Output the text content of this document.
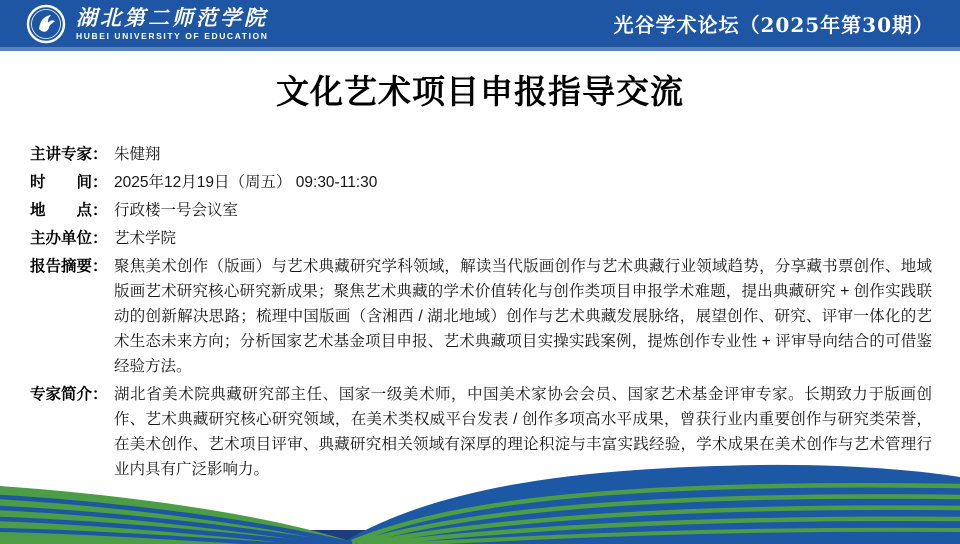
湖北第二师范学院
HUBEI UNIVERSITY OF EDUCATION	光谷学术论坛（2025年第30期）
文化艺术项目申报指导交流
主讲专家： 朱健翔
时　　间： 2025年12月19日（周五） 09:30-11:30
地　　点： 行政楼一号会议室
主办单位： 艺术学院
报告摘要： 聚焦美术创作（版画）与艺术典藏研究学科领域，解读当代版画创作与艺术典藏行业领域趋势，分享藏书票创作、地域版画艺术研究核心研究新成果；聚焦艺术典藏的学术价值转化与创作类项目申报学术难题，提出典藏研究 + 创作实践联动的创新解决思路；梳理中国版画（含湘西 / 湖北地域）创作与艺术典藏发展脉络，展望创作、研究、评审一体化的艺术生态未来方向；分析国家艺术基金项目申报、艺术典藏项目实操实践案例，提炼创作专业性 + 评审导向结合的可借鉴经验方法。
专家简介： 湖北省美术院典藏研究部主任、国家一级美术师，中国美术家协会会员、国家艺术基金评审专家。长期致力于版画创作、艺术典藏研究核心研究领域，在美术类权威平台发表 / 创作多项高水平成果，曾获行业内重要创作与研究类荣誉，在美术创作、艺术项目评审、典藏研究相关领域有深厚的理论积淀与丰富实践经验，学术成果在美术创作与艺术管理行业内具有广泛影响力。
